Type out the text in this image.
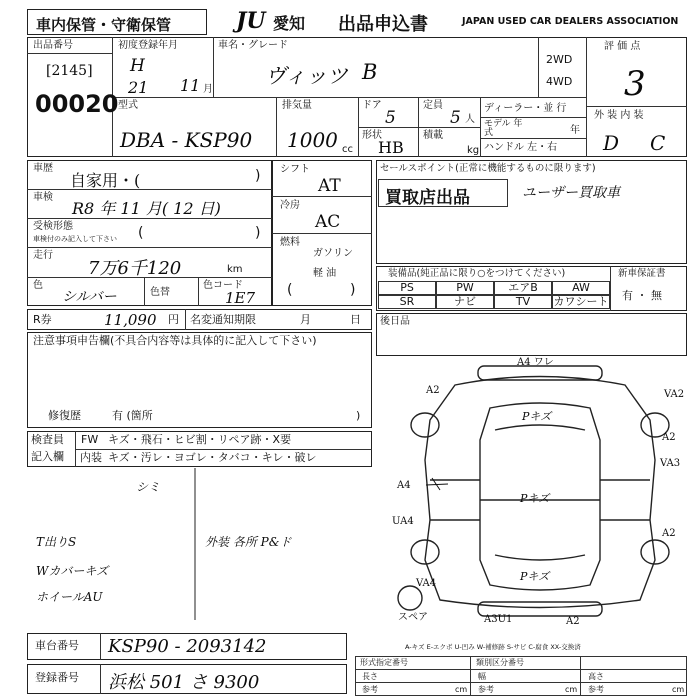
車内保管・守衛保管	JU 愛知 出品申込書	JAPAN USED CAR DEALERS ASSOCIATION
出品番号
[2145]
00020
初度登録年月
H
21 11 月
車名・グレード
ヴィッツ B
2WD
4WD
評 価 点
3
外 装 内 装
D C
型式
DBA - KSP90
排気量
1000 cc
ドア
5
定員
5 人
形状
HB
積載
kg
ディーラー・並 行
モデル 年式	年
ハンドル 左・右
車歴
自家用・(	)
車検
R8 年 11 月( 12 日)
受検形態
車検付のみ記入して下さい (	)
走行
7万6千120	km
色
シルバー	色替
色コード
1E7
シフト
AT
冷房
AC
燃料
ガソリン
軽 油
(	)
セールスポイント(正常に機能するものに限ります)
買取店出品	ユーザー買取車
装備品(純正品に限り○をつけてください)
PS	PW	エアB	AW
SR	ナビ	TV	カワシート
新車保証書
有 ・ 無
R券	11,090 円 名変通知期限	月	日 後日品
注意事項申告欄(不具合内容等は具体的に記入して下さい)
修復歴	有 (箇所	)
検査員
記入欄
FW キズ・飛石・ヒビ割・リペア跡・X要
内装 キズ・汚レ・ヨゴレ・タバコ・キレ・破レ
シミ
T出りS	外装 各所 P&ド
Wカバーキズ
ホイールAU
A4 ワレ
A2	VA2
A2
VA3
A4
UA4
VA4
A2
スペア	A3U1	A2
Pキズ
Pキズ
Pキズ
A-キズ E-エクボ U-凹み W-補修跡 S-サビ C-腐食 XX-交換済
車台番号 KSP90 - 2093142
登録番号 浜松 501 さ 9300
形式指定番号	類別区分番号
長さ	幅	高さ
cm	cm	cm
参考	参考	参考
